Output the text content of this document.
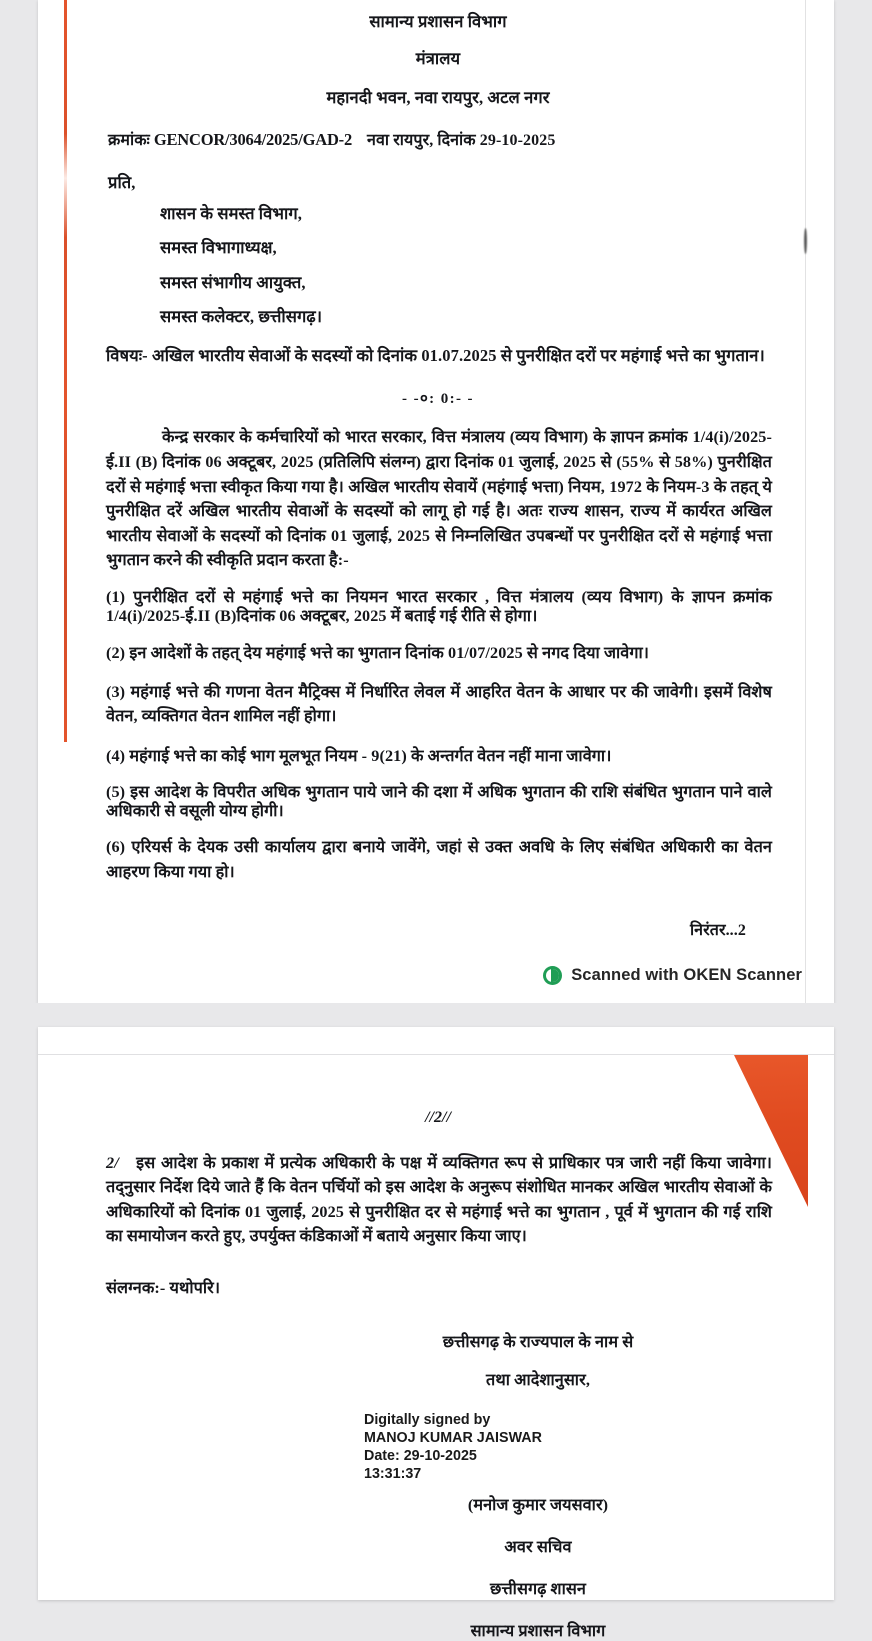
सामान्य प्रशासन विभाग
मंत्रालय
महानदी भवन, नवा रायपुर, अटल नगर
क्रमांकः GENCOR/3064/2025/GAD-2 नवा रायपुर, दिनांक 29-10-2025
प्रति,
शासन के समस्त विभाग,
समस्त विभागाध्यक्ष,
समस्त संभागीय आयुक्त,
समस्त कलेक्टर, छत्तीसगढ़।
विषयः- अखिल भारतीय सेवाओं के सदस्यों को दिनांक 01.07.2025 से पुनरीक्षित दरों पर महंगाई भत्ते का भुगतान।
- -०: 0:- -
केन्द्र सरकार के कर्मचारियों को भारत सरकार, वित्त मंत्रालय (व्यय विभाग) के ज्ञापन क्रमांक 1/4(i)/2025-ई.II (B) दिनांक 06 अक्टूबर, 2025 (प्रतिलिपि संलग्न) द्वारा दिनांक 01 जुलाई, 2025 से (55% से 58%) पुनरीक्षित दरों से महंगाई भत्ता स्वीकृत किया गया है। अखिल भारतीय सेवायें (महंगाई भत्ता) नियम, 1972 के नियम-3 के तहत् ये पुनरीक्षित दरें अखिल भारतीय सेवाओं के सदस्यों को लागू हो गई है। अतः राज्य शासन, राज्य में कार्यरत अखिल भारतीय सेवाओं के सदस्यों को दिनांक 01 जुलाई, 2025 से निम्नलिखित उपबन्धों पर पुनरीक्षित दरों से महंगाई भत्ता भुगतान करने की स्वीकृति प्रदान करता है:-
(1) पुनरीक्षित दरों से महंगाई भत्ते का नियमन भारत सरकार , वित्त मंत्रालय (व्यय विभाग) के ज्ञापन क्रमांक 1/4(i)/2025-ई.II (B)दिनांक 06 अक्टूबर, 2025 में बताई गई रीति से होगा।
(2) इन आदेशों के तहत् देय महंगाई भत्ते का भुगतान दिनांक 01/07/2025 से नगद दिया जावेगा।
(3) महंगाई भत्ते की गणना वेतन मैट्रिक्स में निर्धारित लेवल में आहरित वेतन के आधार पर की जावेगी। इसमें विशेष वेतन, व्यक्तिगत वेतन शामिल नहीं होगा।
(4) महंगाई भत्ते का कोई भाग मूलभूत नियम - 9(21) के अन्तर्गत वेतन नहीं माना जावेगा।
(5) इस आदेश के विपरीत अधिक भुगतान पाये जाने की दशा में अधिक भुगतान की राशि संबंधित भुगतान पाने वाले अधिकारी से वसूली योग्य होगी।
(6) एरियर्स के देयक उसी कार्यालय द्वारा बनाये जावेंगे, जहां से उक्त अवधि के लिए संबंधित अधिकारी का वेतन आहरण किया गया हो।
निरंतर...2
Scanned with OKEN Scanner
//2//
2/ इस आदेश के प्रकाश में प्रत्येक अधिकारी के पक्ष में व्यक्तिगत रूप से प्राधिकार पत्र जारी नहीं किया जावेगा। तद्नुसार निर्देश दिये जाते हैं कि वेतन पर्चियों को इस आदेश के अनुरूप संशोधित मानकर अखिल भारतीय सेवाओं के अधिकारियों को दिनांक 01 जुलाई, 2025 से पुनरीक्षित दर से महंगाई भत्ते का भुगतान , पूर्व में भुगतान की गई राशि का समायोजन करते हुए, उपर्युक्त कंडिकाओं में बताये अनुसार किया जाए।
संलग्नक:- यथोपरि।
छत्तीसगढ़ के राज्यपाल के नाम से
तथा आदेशानुसार,
Digitally signed by
MANOJ KUMAR JAISWAR
Date: 29-10-2025
13:31:37
(मनोज कुमार जयसवार)
अवर सचिव
छत्तीसगढ़ शासन
सामान्य प्रशासन विभाग
